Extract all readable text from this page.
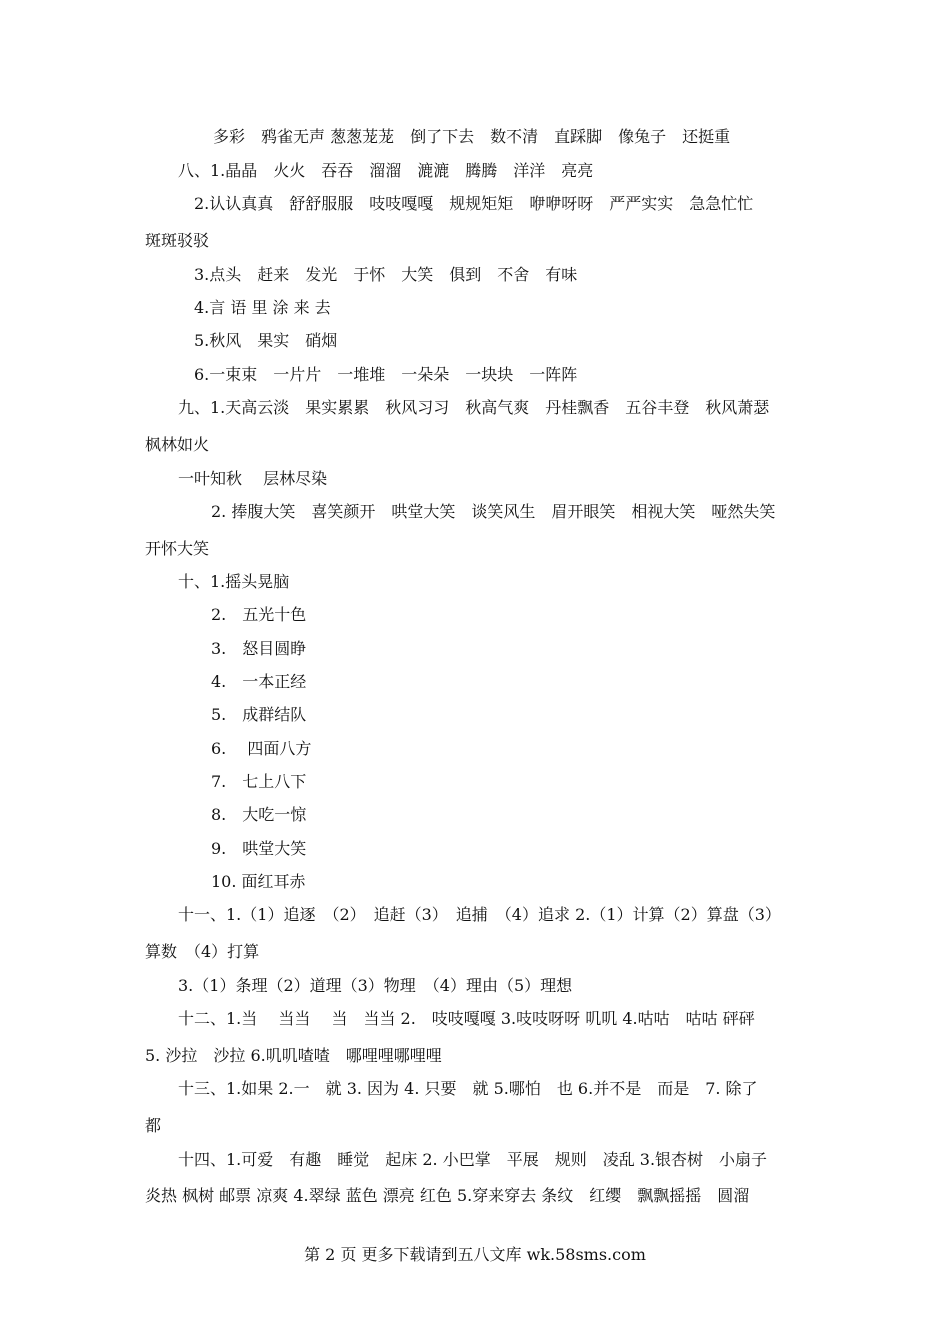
多彩　鸦雀无声 葱葱茏茏　倒了下去　数不清　直踩脚　像兔子　还挺重
八、1.晶晶　火火　吞吞　溜溜　漉漉　腾腾　洋洋　亮亮
2.认认真真　舒舒服服　吱吱嘎嘎　规规矩矩　咿咿呀呀　严严实实　急急忙忙
斑斑驳驳
3.点头　赶来　发光　于怀　大笑　俱到　不舍　有味
4.言 语 里 涂 来 去
5.秋风　果实　硝烟
6.一束束　一片片　一堆堆　一朵朵　一块块　一阵阵
九、1.天高云淡　果实累累　秋风习习　秋高气爽　丹桂飘香　五谷丰登　秋风萧瑟
枫林如火
一叶知秋　 层林尽染
2. 捧腹大笑　喜笑颜开　哄堂大笑　谈笑风生　眉开眼笑　相视大笑　哑然失笑
开怀大笑
十、1.摇头晃脑
2.　五光十色
3.　怒目圆睁
4.　一本正经
5.　成群结队
6.　 四面八方
7.　七上八下
8.　大吃一惊
9.　哄堂大笑
10. 面红耳赤
十一、1.（1）追逐　（2）　追赶（3）　追捕　（4）追求 2.（1）计算（2）算盘（3）
算数　（4）打算
3.（1）条理（2）道理（3）物理　（4）理由（5）理想
十二、1.当　 当当　 当　当当 2.　吱吱嘎嘎 3.吱吱呀呀 叽叽 4.咕咕　咕咕 砰砰
5. 沙拉　沙拉 6.叽叽喳喳　哪哩哩哪哩哩
十三、1.如果 2.一　就 3. 因为 4. 只要　就 5.哪怕　也 6.并不是　而是　7. 除了
都
十四、1.可爱　有趣　睡觉　起床 2. 小巴掌　平展　规则　凌乱 3.银杏树　小扇子
炎热 枫树 邮票 凉爽 4.翠绿 蓝色 漂亮 红色 5.穿来穿去 条纹　红缨　飘飘摇摇　圆溜
第 2 页 更多下载请到五八文库 wk.58sms.com
